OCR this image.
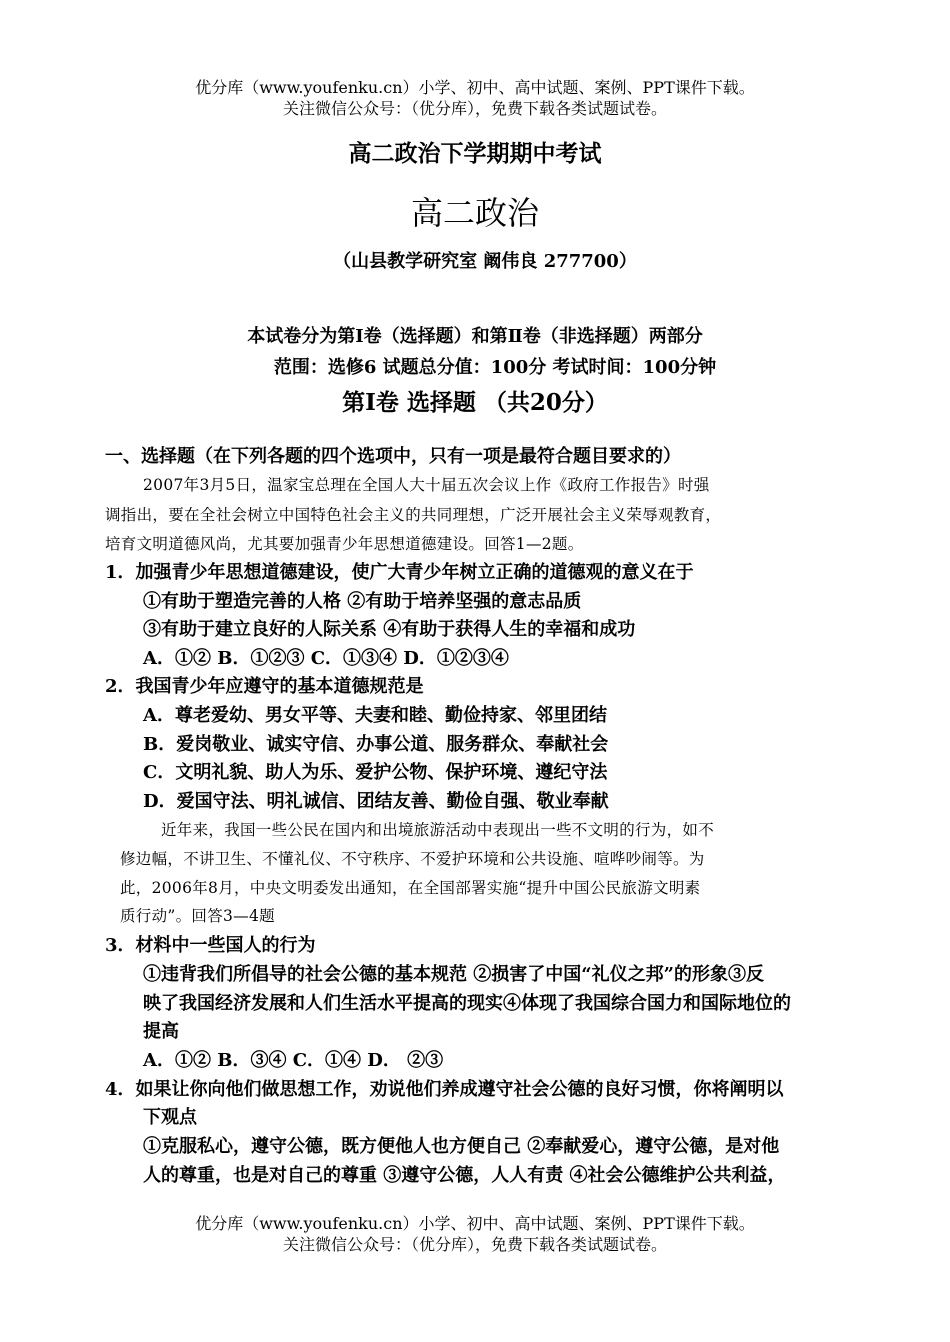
优分库（www.youfenku.cn）小学、初中、高中试题、案例、PPT课件下载。
关注微信公众号：（优分库），免费下载各类试题试卷。
高二政治下学期期中考试
高二政治
（山县教学研究室 阚伟良 277700）
本试卷分为第Ⅰ卷（选择题）和第Ⅱ卷（非选择题）两部分
范围：选修6 试题总分值：100分 考试时间：100分钟
第Ⅰ卷 选择题 （共20分）
一、选择题（在下列各题的四个选项中，只有一项是最符合题目要求的）
2007年3月5日，温家宝总理在全国人大十届五次会议上作《政府工作报告》时强
调指出，要在全社会树立中国特色社会主义的共同理想，广泛开展社会主义荣辱观教育，
培育文明道德风尚，尤其要加强青少年思想道德建设。回答1—2题。
1．加强青少年思想道德建设，使广大青少年树立正确的道德观的意义在于
①有助于塑造完善的人格 ②有助于培养坚强的意志品质
③有助于建立良好的人际关系 ④有助于获得人生的幸福和成功
A．①② B．①②③ C．①③④ D．①②③④
2．我国青少年应遵守的基本道德规范是
A．尊老爱幼、男女平等、夫妻和睦、勤俭持家、邻里团结
B．爱岗敬业、诚实守信、办事公道、服务群众、奉献社会
C．文明礼貌、助人为乐、爱护公物、保护环境、遵纪守法
D．爱国守法、明礼诚信、团结友善、勤俭自强、敬业奉献
近年来，我国一些公民在国内和出境旅游活动中表现出一些不文明的行为，如不
修边幅，不讲卫生、不懂礼仪、不守秩序、不爱护环境和公共设施、喧哗吵闹等。为
此，2006年8月，中央文明委发出通知，在全国部署实施“提升中国公民旅游文明素
质行动”。回答3—4题
3．材料中一些国人的行为
①违背我们所倡导的社会公德的基本规范 ②损害了中国“礼仪之邦”的形象③反
映了我国经济发展和人们生活水平提高的现实④体现了我国综合国力和国际地位的
提高
A．①② B．③④ C．①④ D． ②③
4．如果让你向他们做思想工作，劝说他们养成遵守社会公德的良好习惯，你将阐明以
下观点
①克服私心，遵守公德，既方便他人也方便自己 ②奉献爱心，遵守公德，是对他
人的尊重，也是对自己的尊重 ③遵守公德，人人有责 ④社会公德维护公共利益，
优分库（www.youfenku.cn）小学、初中、高中试题、案例、PPT课件下载。
关注微信公众号：（优分库），免费下载各类试题试卷。
